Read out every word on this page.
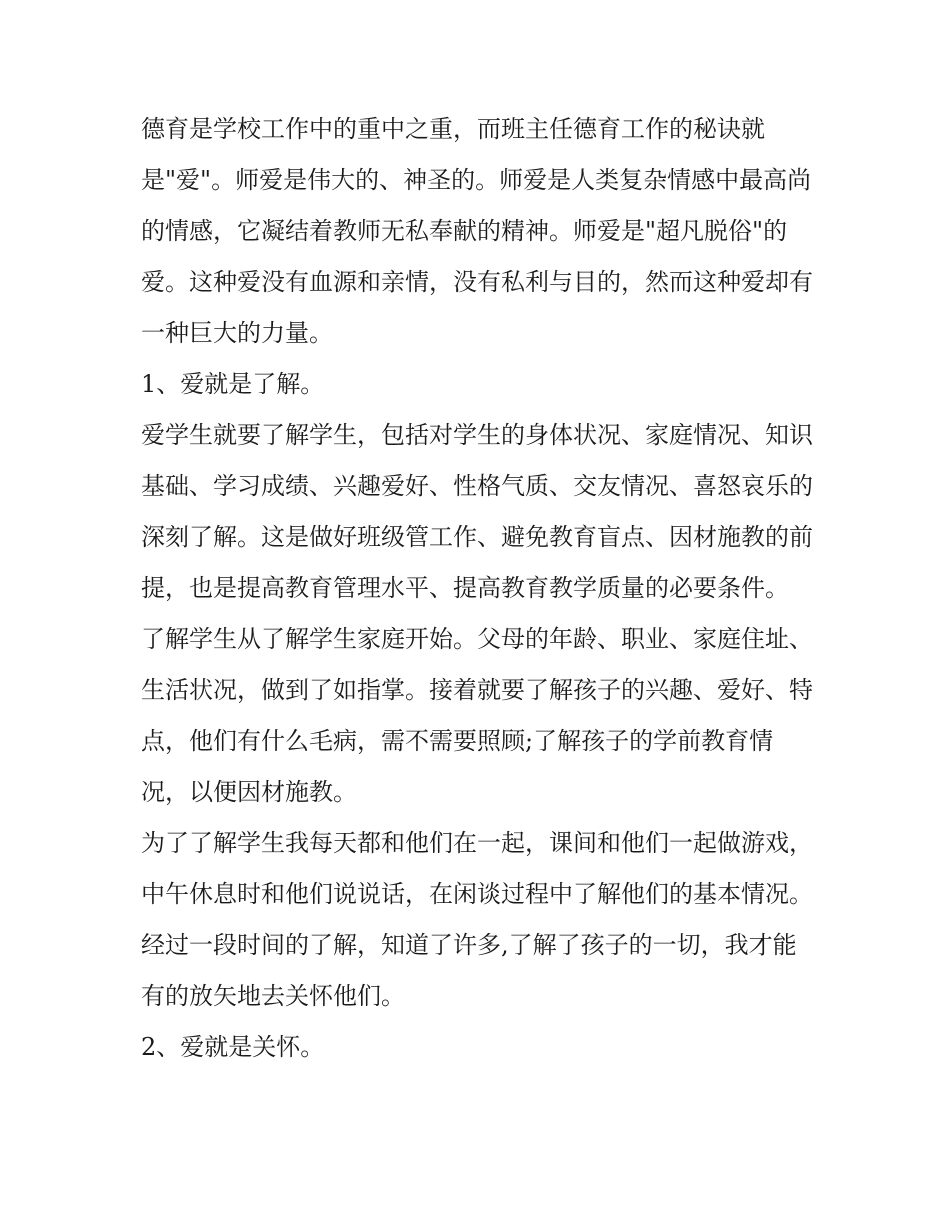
德育是学校工作中的重中之重，而班主任德育工作的秘诀就是"爱"。师爱是伟大的、神圣的。师爱是人类复杂情感中最高尚的情感，它凝结着教师无私奉献的精神。师爱是"超凡脱俗"的爱。这种爱没有血源和亲情，没有私利与目的，然而这种爱却有一种巨大的力量。

1、爱就是了解。

爱学生就要了解学生，包括对学生的身体状况、家庭情况、知识基础、学习成绩、兴趣爱好、性格气质、交友情况、喜怒哀乐的深刻了解。这是做好班级管工作、避免教育盲点、因材施教的前提，也是提高教育管理水平、提高教育教学质量的必要条件。

了解学生从了解学生家庭开始。父母的年龄、职业、家庭住址、生活状况，做到了如指掌。接着就要了解孩子的兴趣、爱好、特点，他们有什么毛病，需不需要照顾;了解孩子的学前教育情况，以便因材施教。

为了了解学生我每天都和他们在一起，课间和他们一起做游戏，中午休息时和他们说说话，在闲谈过程中了解他们的基本情况。经过一段时间的了解，知道了许多,了解了孩子的一切，我才能有的放矢地去关怀他们。

2、爱就是关怀。
